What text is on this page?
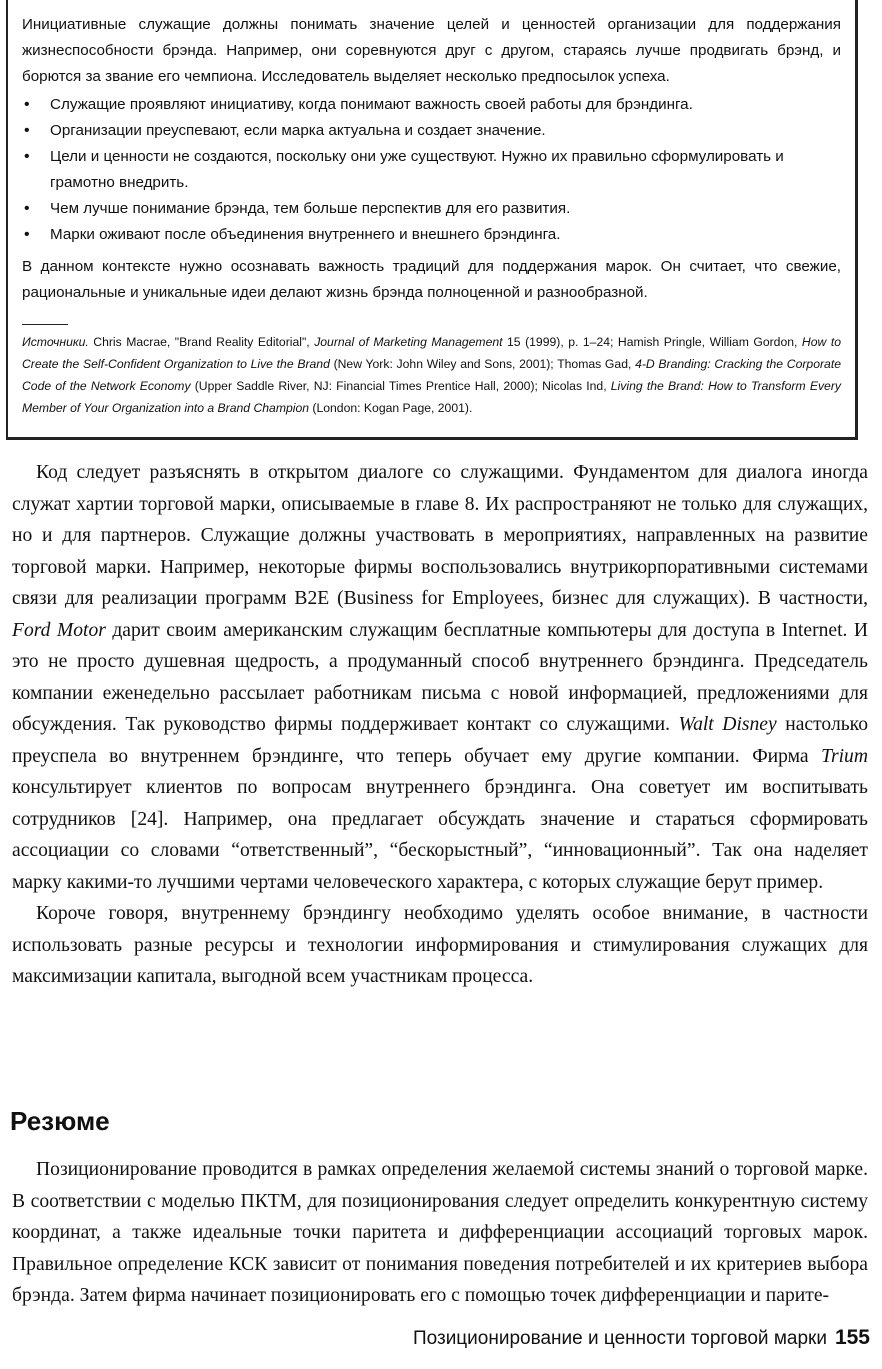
Инициативные служащие должны понимать значение целей и ценностей организации для поддержания жизнеспособности брэнда. Например, они соревнуются друг с другом, стараясь лучше продвигать брэнд, и борются за звание его чемпиона. Исследователь выделяет несколько предпосылок успеха.

• Служащие проявляют инициативу, когда понимают важность своей работы для брэндинга.
• Организации преуспевают, если марка актуальна и создает значение.
• Цели и ценности не создаются, поскольку они уже существуют. Нужно их правильно сформулировать и грамотно внедрить.
• Чем лучше понимание брэнда, тем больше перспектив для его развития.
• Марки оживают после объединения внутреннего и внешнего брэндинга.

В данном контексте нужно осознавать важность традиций для поддержания марок. Он считает, что свежие, рациональные и уникальные идеи делают жизнь брэнда полноценной и разнообразной.

Источники. Chris Macrae, "Brand Reality Editorial", Journal of Marketing Management 15 (1999), p. 1–24; Hamish Pringle, William Gordon, How to Create the Self-Confident Organization to Live the Brand (New York: John Wiley and Sons, 2001); Thomas Gad, 4-D Branding: Cracking the Corporate Code of the Network Economy (Upper Saddle River, NJ: Financial Times Prentice Hall, 2000); Nicolas Ind, Living the Brand: How to Transform Every Member of Your Organization into a Brand Champion (London: Kogan Page, 2001).

Код следует разъяснять в открытом диалоге со служащими. Фундаментом для диалога иногда служат хартии торговой марки, описываемые в главе 8. Их распространяют не только для служащих, но и для партнеров. Служащие должны участвовать в мероприятиях, направленных на развитие торговой марки. Например, некоторые фирмы воспользовались внутрикорпоративными системами связи для реализации программ B2E (Business for Employees, бизнес для служащих). В частности, Ford Motor дарит своим американским служащим бесплатные компьютеры для доступа в Internet. И это не просто душевная щедрость, а продуманный способ внутреннего брэндинга. Председатель компании еженедельно рассылает работникам письма с новой информацией, предложениями для обсуждения. Так руководство фирмы поддерживает контакт со служащими. Walt Disney настолько преуспела во внутреннем брэндинге, что теперь обучает ему другие компании. Фирма Trium консультирует клиентов по вопросам внутреннего брэндинга. Она советует им воспитывать сотрудников [24]. Например, она предлагает обсуждать значение и стараться сформировать ассоциации со словами “ответственный”, “бескорыстный”, “инновационный”. Так она наделяет марку какими-то лучшими чертами человеческого характера, с которых служащие берут пример.

Короче говоря, внутреннему брэндингу необходимо уделять особое внимание, в частности использовать разные ресурсы и технологии информирования и стимулирования служащих для максимизации капитала, выгодной всем участникам процесса.

Резюме

Позиционирование проводится в рамках определения желаемой системы знаний о торговой марке. В соответствии с моделью ПКТМ, для позиционирования следует определить конкурентную систему координат, а также идеальные точки паритета и дифференциации ассоциаций торговых марок. Правильное определение КСК зависит от понимания поведения потребителей и их критериев выбора брэнда. Затем фирма начинает позиционировать его с помощью точек дифференциации и парите-

Позиционирование и ценности торговой марки 155
